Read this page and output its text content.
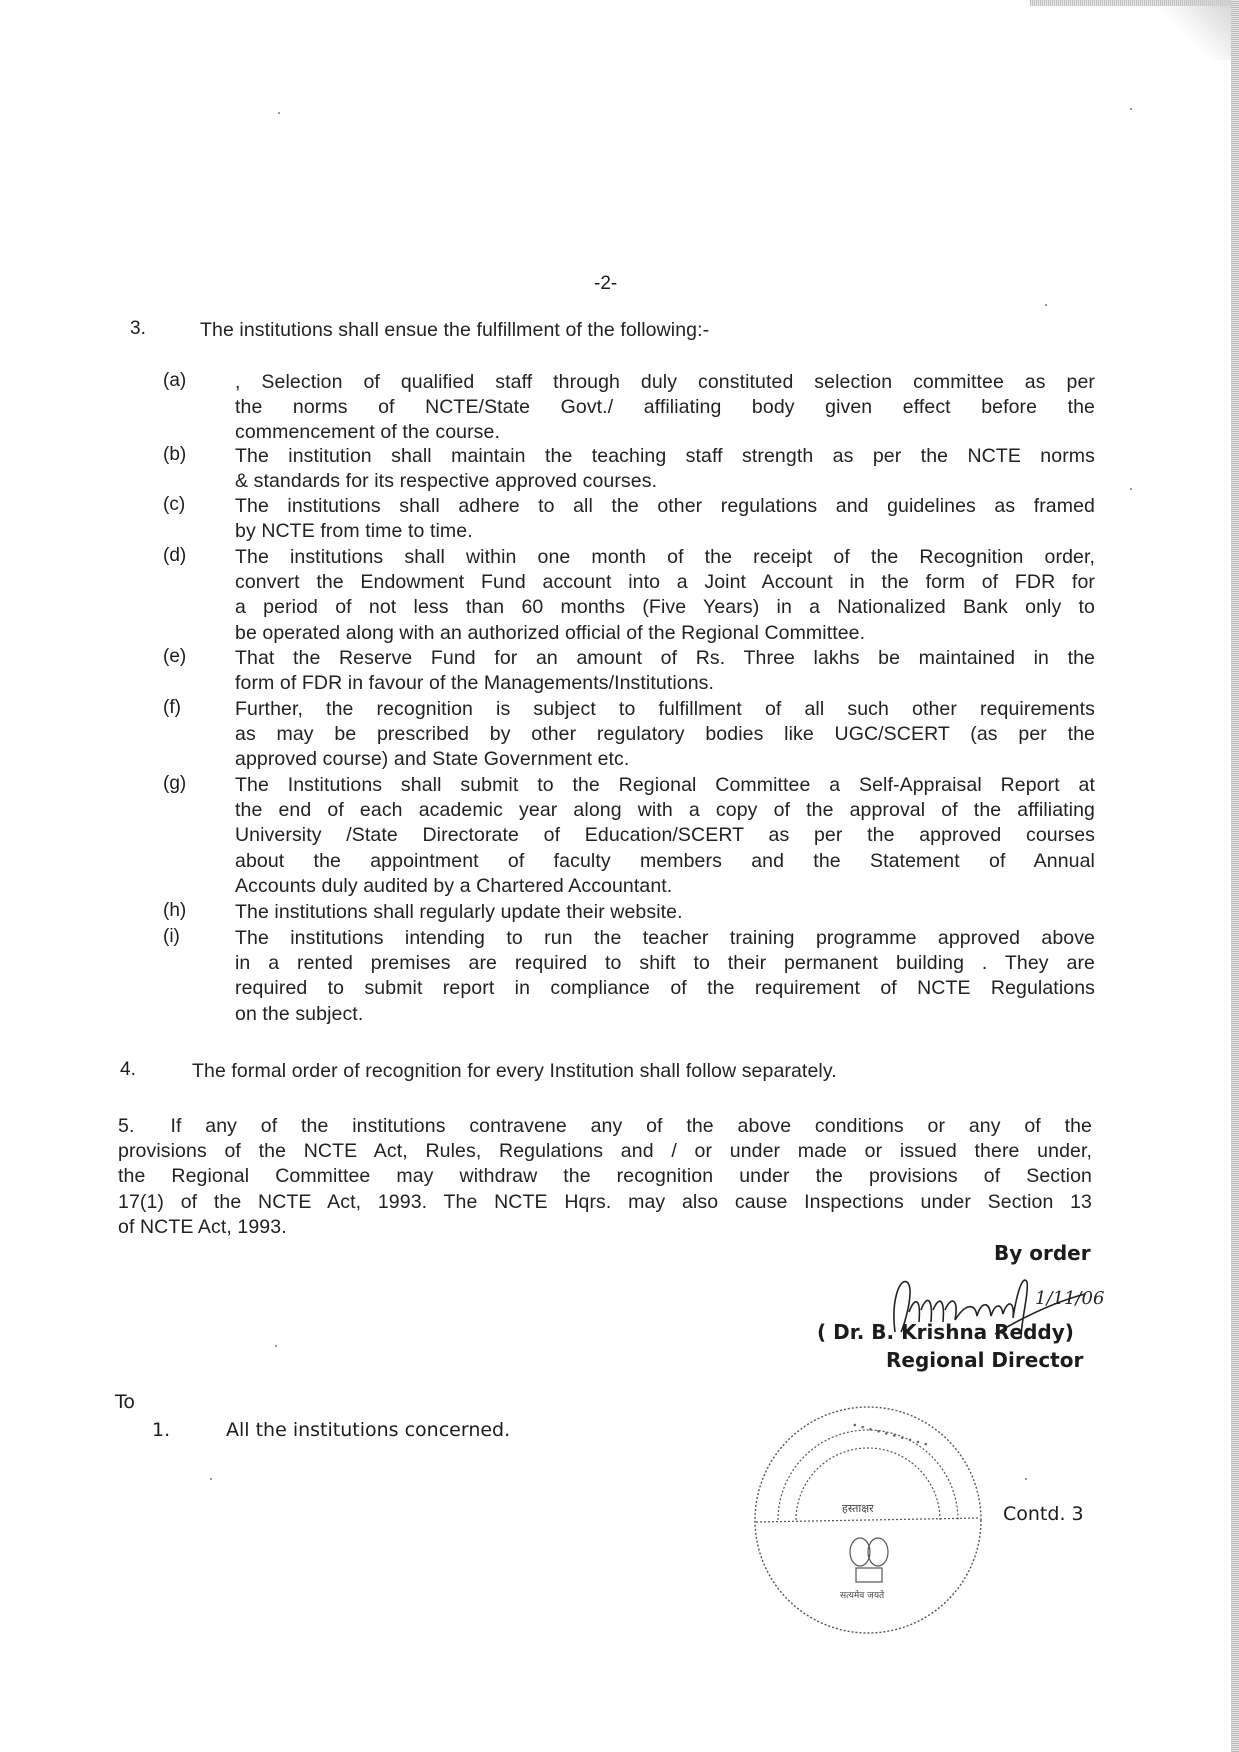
-2-
3.	The institutions shall ensue the fulfillment of the following:-
(a)	, Selection of qualified staff through duly constituted selection committee as per
the norms of NCTE/State Govt./ affiliating body given effect before the
commencement of the course.
(b)	The institution shall maintain the teaching staff strength as per the NCTE norms
& standards for its respective approved courses.
(c)	The institutions shall adhere to all the other regulations and guidelines as framed
by NCTE from time to time.
(d)	The institutions shall within one month of the receipt of the Recognition order,
convert the Endowment Fund account into a Joint Account in the form of FDR for
a period of not less than 60 months (Five Years) in a Nationalized Bank only to
be operated along with an authorized official of the Regional Committee.
(e)	That the Reserve Fund for an amount of Rs. Three lakhs be maintained in the
form of FDR in favour of the Managements/Institutions.
(f)	Further, the recognition is subject to fulfillment of all such other requirements
as may be prescribed by other regulatory bodies like UGC/SCERT (as per the
approved course) and State Government etc.
(g)	The Institutions shall submit to the Regional Committee a Self-Appraisal Report at
the end of each academic year along with a copy of the approval of the affiliating
University /State Directorate of Education/SCERT as per the approved courses
about the appointment of faculty members and the Statement of Annual
Accounts duly audited by a Chartered Accountant.
(h)	The institutions shall regularly update their website.
(i)	The institutions intending to run the teacher training programme approved above
in a rented premises are required to shift to their permanent building . They are
required to submit report in compliance of the requirement of NCTE Regulations
on the subject.
4.	The formal order of recognition for every Institution shall follow separately.
5. If any of the institutions contravene any of the above conditions or any of the
provisions of the NCTE Act, Rules, Regulations and / or under made or issued there under,
the Regional Committee may withdraw the recognition under the provisions of Section
17(1) of the NCTE Act, 1993. The NCTE Hqrs. may also cause Inspections under Section 13
of NCTE Act, 1993.
By order
1/11/06
( Dr. B. Krishna Reddy)
Regional Director
To
1.	All the institutions concerned.	• • • • • • • • • •
हस्ताक्षर
सत्यमेव जयते
Contd. 3
